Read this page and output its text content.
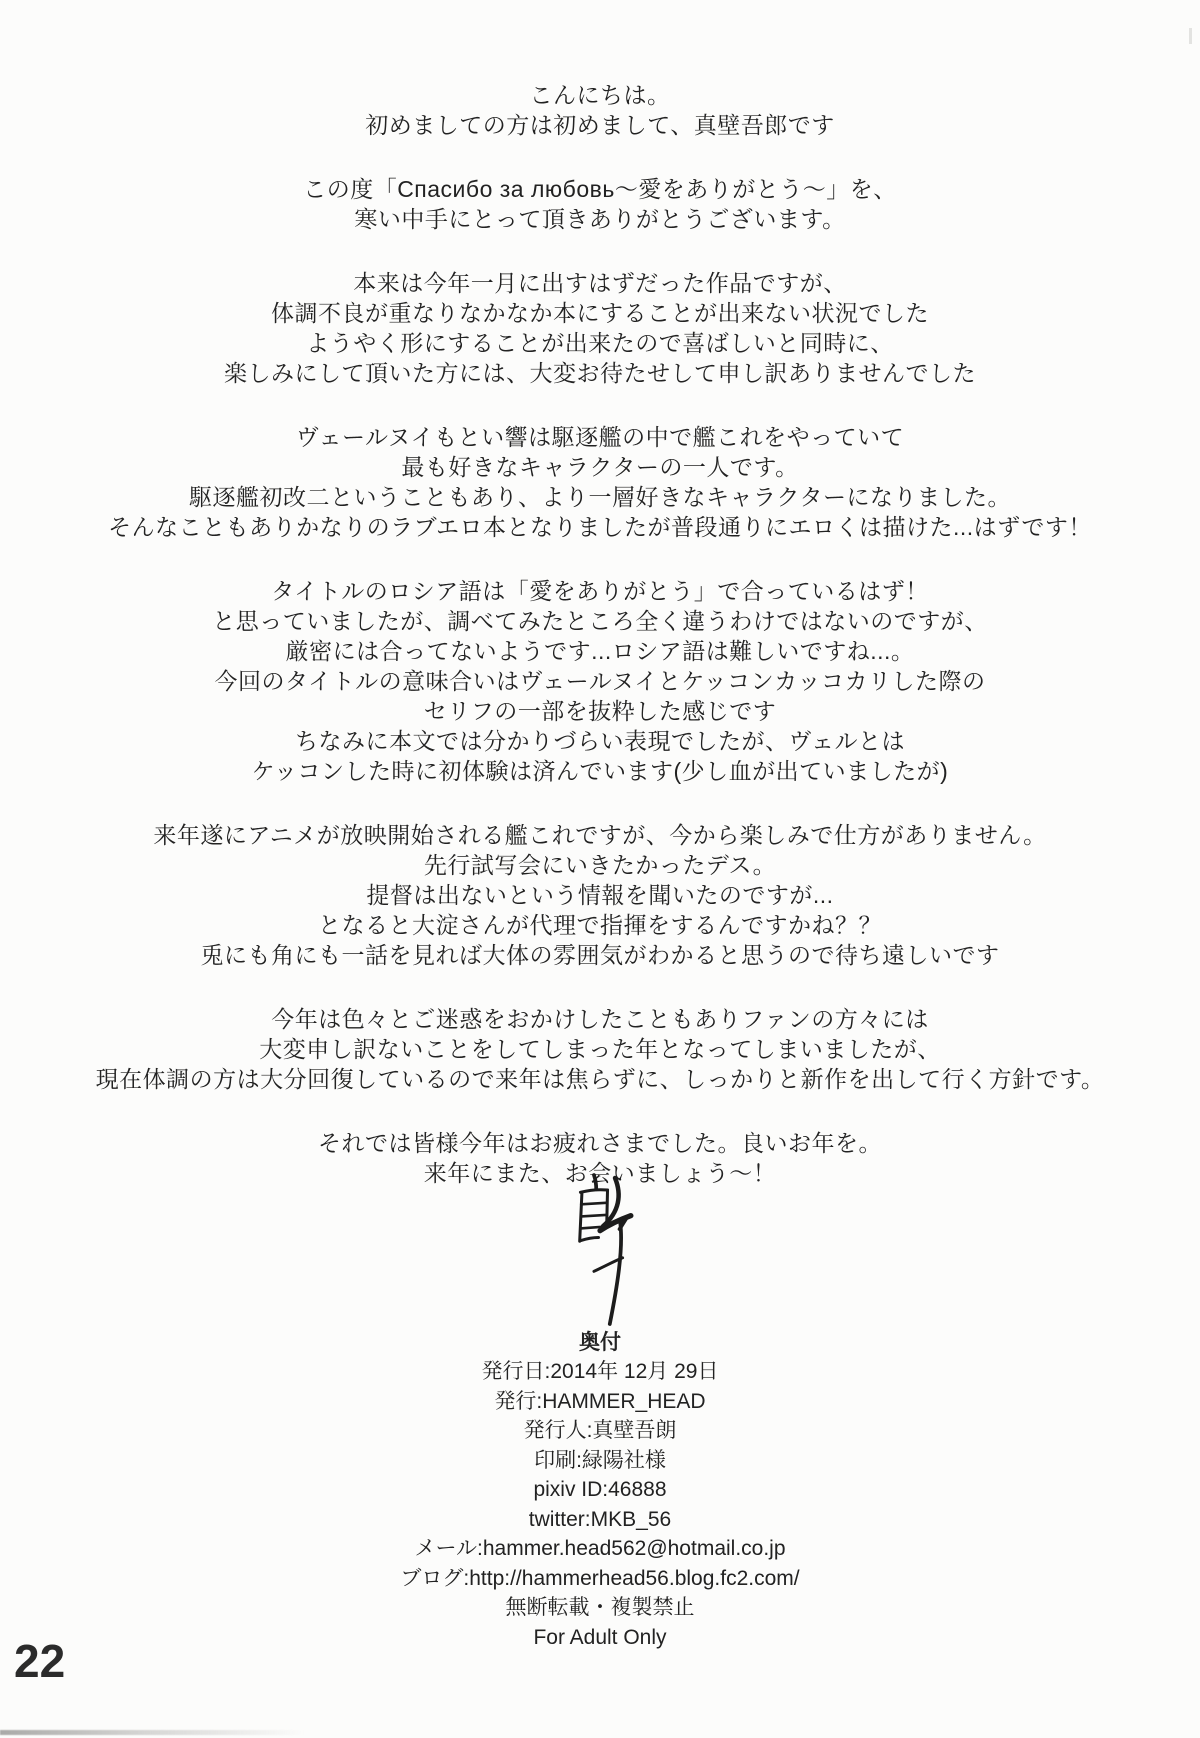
こんにちは。
初めましての方は初めまして、真壁吾郎です
この度「Спасибо за любовь〜愛をありがとう〜」を、
寒い中手にとって頂きありがとうございます。
本来は今年一月に出すはずだった作品ですが、
体調不良が重なりなかなか本にすることが出来ない状況でした
ようやく形にすることが出来たので喜ばしいと同時に、
楽しみにして頂いた方には、大変お待たせして申し訳ありませんでした
ヴェールヌイもとい響は駆逐艦の中で艦これをやっていて
最も好きなキャラクターの一人です。
駆逐艦初改二ということもあり、より一層好きなキャラクターになりました。
そんなこともありかなりのラブエロ本となりましたが普段通りにエロくは描けた...はずです！
タイトルのロシア語は「愛をありがとう」で合っているはず！
と思っていましたが、調べてみたところ全く違うわけではないのですが、
厳密には合ってないようです...ロシア語は難しいですね...。
今回のタイトルの意味合いはヴェールヌイとケッコンカッコカリした際の
セリフの一部を抜粋した感じです
ちなみに本文では分かりづらい表現でしたが、ヴェルとは
ケッコンした時に初体験は済んでいます(少し血が出ていましたが)
来年遂にアニメが放映開始される艦これですが、今から楽しみで仕方がありません。
先行試写会にいきたかったデス。
提督は出ないという情報を聞いたのですが...
となると大淀さんが代理で指揮をするんですかね？？
兎にも角にも一話を見れば大体の雰囲気がわかると思うので待ち遠しいです
今年は色々とご迷惑をおかけしたこともありファンの方々には
大変申し訳ないことをしてしまった年となってしまいましたが、
現在体調の方は大分回復しているので来年は焦らずに、しっかりと新作を出して行く方針です。
それでは皆様今年はお疲れさまでした。良いお年を。
来年にまた、お会いましょう〜！
奥付
発行日:2014年 12月 29日
発行:HAMMER_HEAD
発行人:真壁吾朗
印刷:緑陽社様
pixiv ID:46888
twitter:MKB_56
メール:hammer.head562@hotmail.co.jp
ブログ:http://hammerhead56.blog.fc2.com/
無断転載・複製禁止
For Adult Only
22
